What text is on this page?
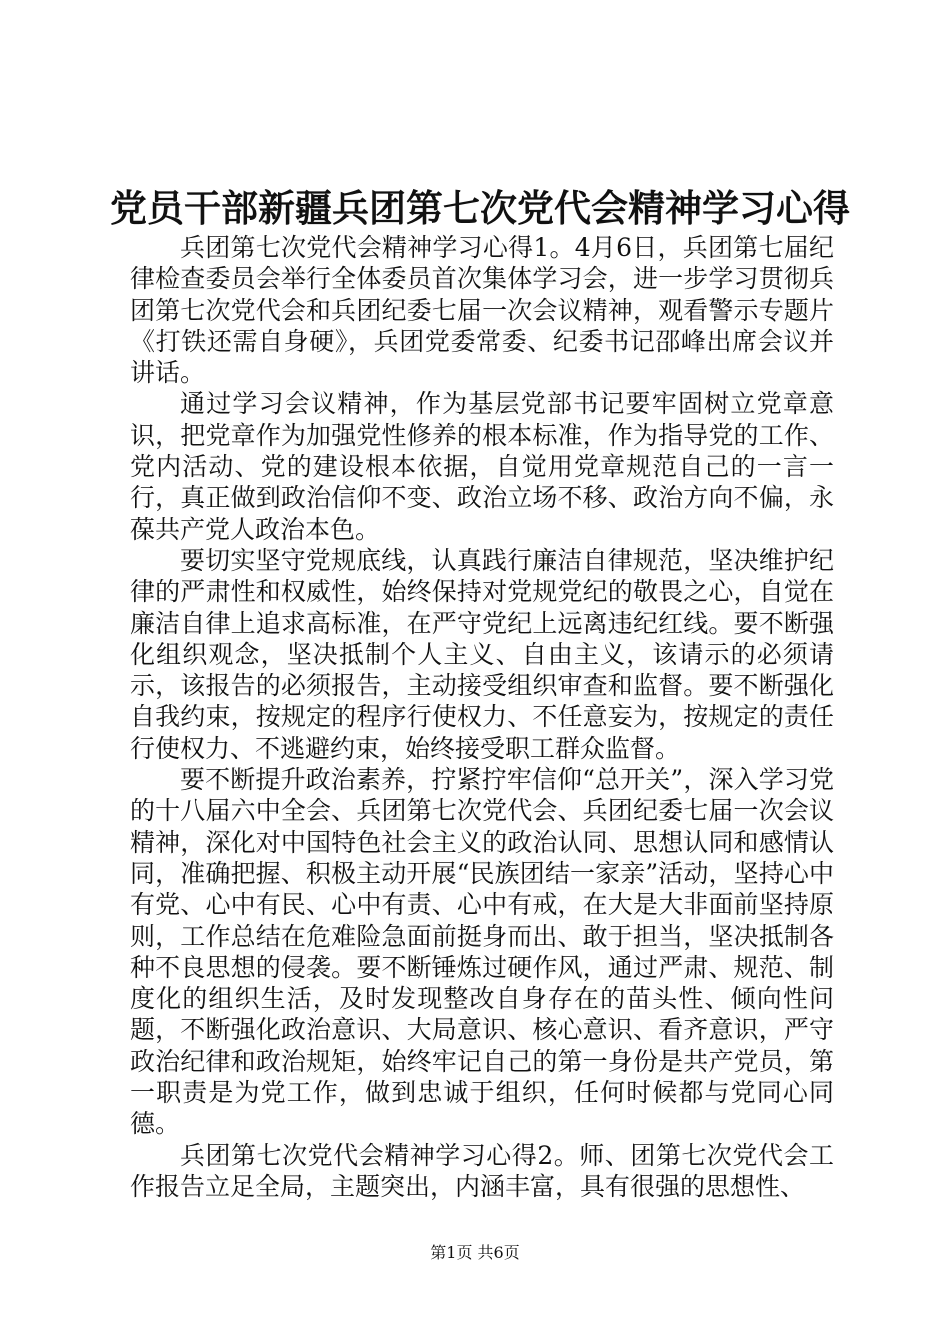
党员干部新疆兵团第七次党代会精神学习心得

兵团第七次党代会精神学习心得1。4月6日，兵团第七届纪律检查委员会举行全体委员首次集体学习会，进一步学习贯彻兵团第七次党代会和兵团纪委七届一次会议精神，观看警示专题片《打铁还需自身硬》，兵团党委常委、纪委书记邵峰出席会议并讲话。

通过学习会议精神，作为基层党部书记要牢固树立党章意识，把党章作为加强党性修养的根本标准，作为指导党的工作、党内活动、党的建设根本依据，自觉用党章规范自己的一言一行，真正做到政治信仰不变、政治立场不移、政治方向不偏，永葆共产党人政治本色。

要切实坚守党规底线，认真践行廉洁自律规范，坚决维护纪律的严肃性和权威性，始终保持对党规党纪的敬畏之心，自觉在廉洁自律上追求高标准，在严守党纪上远离违纪红线。要不断强化组织观念，坚决抵制个人主义、自由主义，该请示的必须请示，该报告的必须报告，主动接受组织审查和监督。要不断强化自我约束，按规定的程序行使权力、不任意妄为，按规定的责任行使权力、不逃避约束，始终接受职工群众监督。

要不断提升政治素养，拧紧拧牢信仰“总开关”，深入学习党的十八届六中全会、兵团第七次党代会、兵团纪委七届一次会议精神，深化对中国特色社会主义的政治认同、思想认同和感情认同，准确把握、积极主动开展“民族团结一家亲”活动，坚持心中有党、心中有民、心中有责、心中有戒，在大是大非面前坚持原则，工作总结在危难险急面前挺身而出、敢于担当，坚决抵制各种不良思想的侵袭。要不断锤炼过硬作风，通过严肃、规范、制度化的组织生活，及时发现整改自身存在的苗头性、倾向性问题，不断强化政治意识、大局意识、核心意识、看齐意识，严守政治纪律和政治规矩，始终牢记自己的第一身份是共产党员，第一职责是为党工作，做到忠诚于组织，任何时候都与党同心同德。

兵团第七次党代会精神学习心得2。师、团第七次党代会工作报告立足全局，主题突出，内涵丰富，具有很强的思想性、

第1页 共6页
